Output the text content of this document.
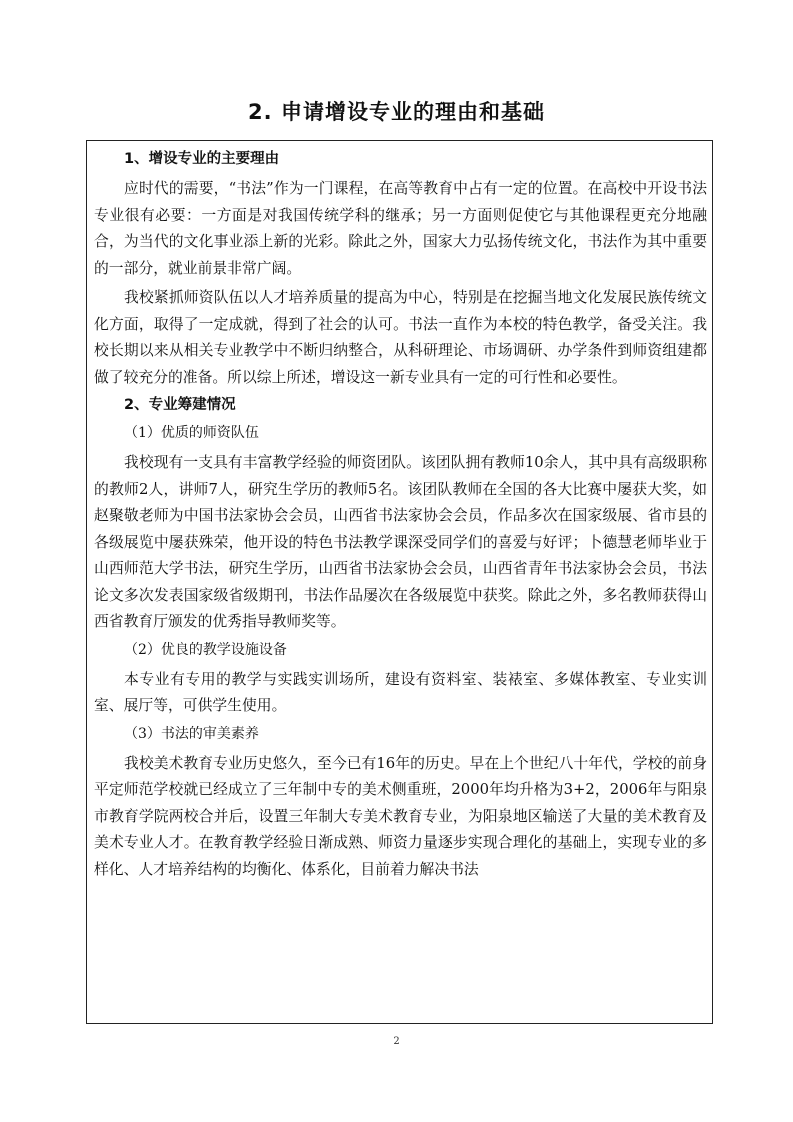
2. 申请增设专业的理由和基础
1、增设专业的主要理由

应时代的需要，“书法”作为一门课程，在高等教育中占有一定的位置。在高校中开设书法专业很有必要：一方面是对我国传统学科的继承；另一方面则促使它与其他课程更充分地融合，为当代的文化事业添上新的光彩。除此之外，国家大力弘扬传统文化，书法作为其中重要的一部分，就业前景非常广阔。

我校紧抓师资队伍以人才培养质量的提高为中心，特别是在挖掘当地文化发展民族传统文化方面，取得了一定成就，得到了社会的认可。书法一直作为本校的特色教学，备受关注。我校长期以来从相关专业教学中不断归纳整合，从科研理论、市场调研、办学条件到师资组建都做了较充分的准备。所以综上所述，增设这一新专业具有一定的可行性和必要性。

2、专业筹建情况
（1）优质的师资队伍

我校现有一支具有丰富教学经验的师资团队。该团队拥有教师10余人，其中具有高级职称的教师2人，讲师7人，研究生学历的教师5名。该团队教师在全国的各大比赛中屡获大奖，如赵聚敬老师为中国书法家协会会员，山西省书法家协会会员，作品多次在国家级展、省市县的各级展览中屡获殊荣，他开设的特色书法教学课深受同学们的喜爱与好评；卜德慧老师毕业于山西师范大学书法，研究生学历，山西省书法家协会会员，山西省青年书法家协会会员，书法论文多次发表国家级省级期刊，书法作品屡次在各级展览中获奖。除此之外，多名教师获得山西省教育厅颁发的优秀指导教师奖等。

（2）优良的教学设施设备

本专业有专用的教学与实践实训场所，建设有资料室、装裱室、多媒体教室、专业实训室、展厅等，可供学生使用。

（3）书法的审美素养

我校美术教育专业历史悠久，至今已有16年的历史。早在上个世纪八十年代，学校的前身平定师范学校就已经成立了三年制中专的美术侧重班，2000年均升格为3+2，2006年与阳泉市教育学院两校合并后，设置三年制大专美术教育专业，为阳泉地区输送了大量的美术教育及美术专业人才。在教育教学经验日渐成熟、师资力量逐步实现合理化的基础上，实现专业的多样化、人才培养结构的均衡化、体系化，目前着力解决书法

2
